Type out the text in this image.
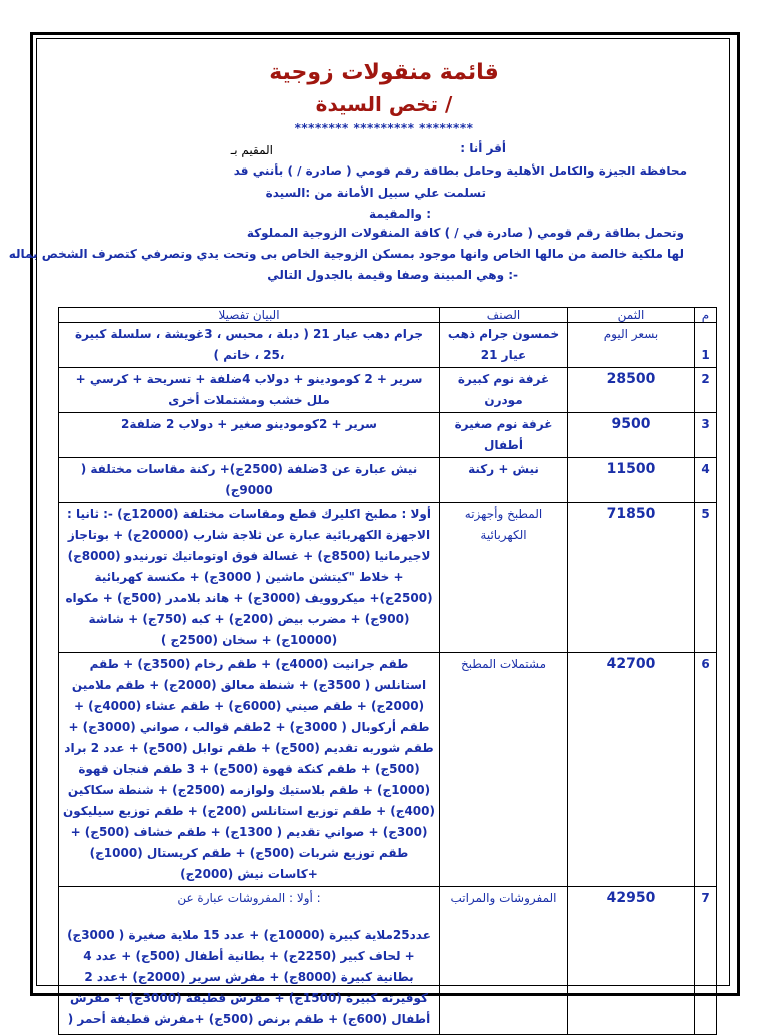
قائمة منقولات زوجية
/ تخص السيدة
******** ********* ********
أقر أنا :
المقيم بـ
محافظة الجيزة والكامل الأهلية وحامل بطاقة رقم قومي ( صادرة / ) بأنني قد
تسلمت علي سبيل الأمانة من :السيدة
: والمقيمة
وتحمل بطاقة رقم قومي ( صادرة في / ) كافة المنقولات الزوجية المملوكة
لها ملكية خالصة من مالها الخاص وانها موجود بمسكن الزوجية الخاص بى وتحت يدي وتصرفي كتصرف الشخص بماله
-: وهي المبينة وصفا وقيمة بالجدول التالي
م	الثمن	الصنف	البيان تفصيلا
1	بسعر اليوم	خمسون جرام ذهب عيار 21	جرام دهب عيار 21 ( دبلة ، محبس ، 3غويشة ، سلسلة كبيرة ،25 ، خاتم )
2	28500	غرفة نوم كبيرة مودرن	سرير + 2 كومودينو + دولاب 4ضلفة + تسريحة + كرسي + ملل خشب ومشتملات أخرى
3	9500	غرفة نوم صغيرة أطفال	سرير + 2كومودينو صغير + دولاب 2 ضلفة2
4	11500	نيش + ركنة	نيش عبارة عن 3ضلفة (2500ج)+ ركنة مقاسات مختلفة ( 9000ج)
5	71850	المطبخ وأجهزته الكهربائية	أولا : مطبخ اكليرك قطع ومقاسات مختلفة (12000ج) -: ثانيا : الاجهزة الكهربائية عبارة عن ثلاجة شارب (20000ج) + بوتاجاز لاجيرمانيا (8500ج) + غسالة فوق اوتوماتيك تورنيدو (8000ج) + خلاط "كيتشن ماشين ( 3000ج) + مكنسة كهربائية (2500ج)+ ميكروويف (3000ج) + هاند بلامدر (500ج) + مكواه (900ج) + مضرب بيض (200ج) + كبه (750ج) + شاشة (10000ج) + سخان (2500ج )
6	42700	مشتملات المطبخ	طقم جرانيت (4000ج) + طقم رخام (3500ج) + طقم استانلس ( 3500ج) + شنطة معالق (2000ج) + طقم ملامين (2000ج) + طقم صيني (6000ج) + طقم عشاء (4000ج) + طقم أركوبال ( 3000ج) + 2طقم قوالب ، صواني (3000ج) + طقم شوربه تقديم (500ج) + طقم توابل (500ج) + عدد 2 براد (500ج) + طقم كنكة قهوة (500ج) + 3 طقم فنجان قهوة (1000ج) + طقم بلاستيك ولوازمه (2500ج) + شنطة سكاكين (400ج) + طقم توزيع استانلس (200ج) + طقم توزيع سيليكون (300ج) + صواني تقديم ( 1300ج) + طقم خشاف (500ج) + طقم توزيع شربات (500ج) + طقم كريستال (1000ج) +كاسات نيش (2000ج)
7	42950	المفروشات والمراتب	: أولا : المفروشات عبارة عن
عدد25ملاية كبيرة (10000ج) + عدد 15 ملاية صغيرة ( 3000ج) + لحاف كبير (2250ج) + بطانية أطفال (500ج) + عدد 4 بطانية كبيرة (8000ج) + مفرش سرير (2000ج) +عدد 2 كوفيرته كبيرة (1500ج) + مفرش قطيفة (3000ج) + مفرش أطفال (600ج) + طقم برنص (500ج) +مفرش قطيفة أحمر (
